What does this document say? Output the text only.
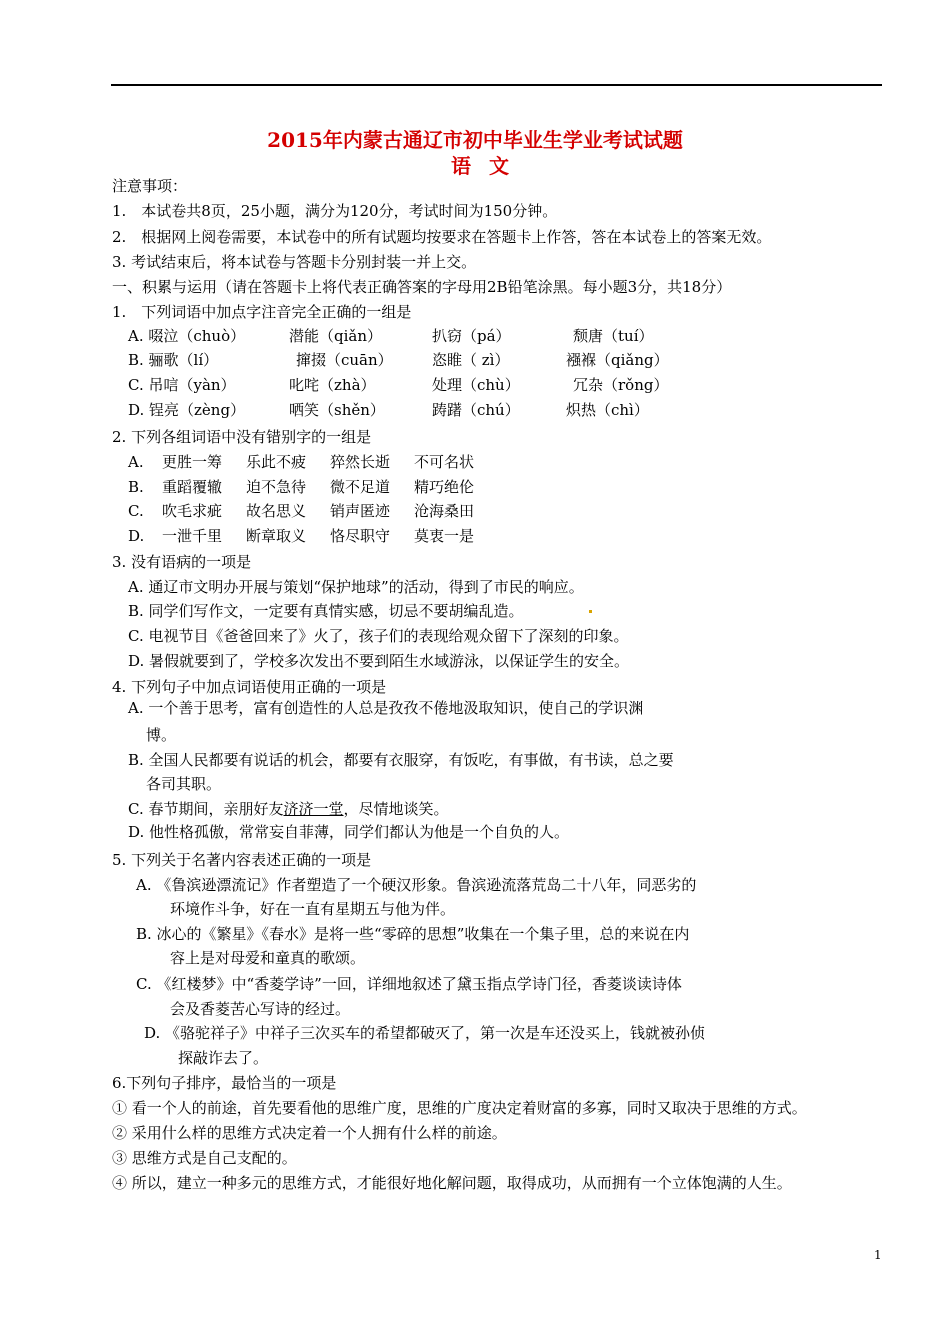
2015年内蒙古通辽市初中毕业生学业考试试题
语文
注意事项：
1.　本试卷共8页，25小题，满分为120分，考试时间为150分钟。
2.　根据网上阅卷需要，本试卷中的所有试题均按要求在答题卡上作答，答在本试卷上的答案无效。
3. 考试结束后，将本试卷与答题卡分别封装一并上交。
一、积累与运用（请在答题卡上将代表正确答案的字母用2B铅笔涂黑。每小题3分，共18分）
1.　下列词语中加点字注音完全正确的一组是
A. 啜泣（chuò）	潜能（qiǎn）	扒窃（pá）	颓唐（tuí）
B. 骊歌（lí）	撺掇（cuān）	恣睢（ zì）	襁褓（qiǎng）
C. 吊唁（yàn）	叱咤（zhà）	处理（chù）	冗杂（rǒng）
D. 锃亮（zèng）	哂笑（shěn）	踌躇（chú）	炽热（chì）
2. 下列各组词语中没有错别字的一组是
A. 更胜一筹 乐此不疲 猝然长逝 不可名状
B. 重蹈覆辙 迫不急待 微不足道 精巧绝伦
C. 吹毛求疵 故名思义 销声匿迹 沧海桑田
D. 一泄千里 断章取义 恪尽职守 莫衷一是
3. 没有语病的一项是
A. 通辽市文明办开展与策划“保护地球”的活动，得到了市民的响应。
B. 同学们写作文，一定要有真情实感，切忌不要胡编乱造。
C. 电视节目《爸爸回来了》火了，孩子们的表现给观众留下了深刻的印象。
D. 暑假就要到了，学校多次发出不要到陌生水域游泳，以保证学生的安全。
4. 下列句子中加点词语使用正确的一项是
A. 一个善于思考，富有创造性的人总是孜孜不倦地汲取知识，使自己的学识渊
博。
B. 全国人民都要有说话的机会，都要有衣服穿，有饭吃，有事做，有书读，总之要
各司其职。
C. 春节期间，亲朋好友济济一堂，尽情地谈笑。
D. 他性格孤傲，常常妄自菲薄，同学们都认为他是一个自负的人。
5. 下列关于名著内容表述正确的一项是
A. 《鲁滨逊漂流记》作者塑造了一个硬汉形象。鲁滨逊流落荒岛二十八年，同恶劣的
环境作斗争，好在一直有星期五与他为伴。
B. 冰心的《繁星》《春水》是将一些“零碎的思想”收集在一个集子里，总的来说在内
容上是对母爱和童真的歌颂。
C. 《红楼梦》中“香菱学诗”一回，详细地叙述了黛玉指点学诗门径，香菱谈读诗体
会及香菱苦心写诗的经过。
D. 《骆驼祥子》中祥子三次买车的希望都破灭了，第一次是车还没买上，钱就被孙侦
探敲诈去了。
6.下列句子排序，最恰当的一项是
① 看一个人的前途，首先要看他的思维广度，思维的广度决定着财富的多寡，同时又取决于思维的方式。
② 采用什么样的思维方式决定着一个人拥有什么样的前途。
③ 思维方式是自己支配的。
④ 所以，建立一种多元的思维方式，才能很好地化解问题，取得成功，从而拥有一个立体饱满的人生。
1
